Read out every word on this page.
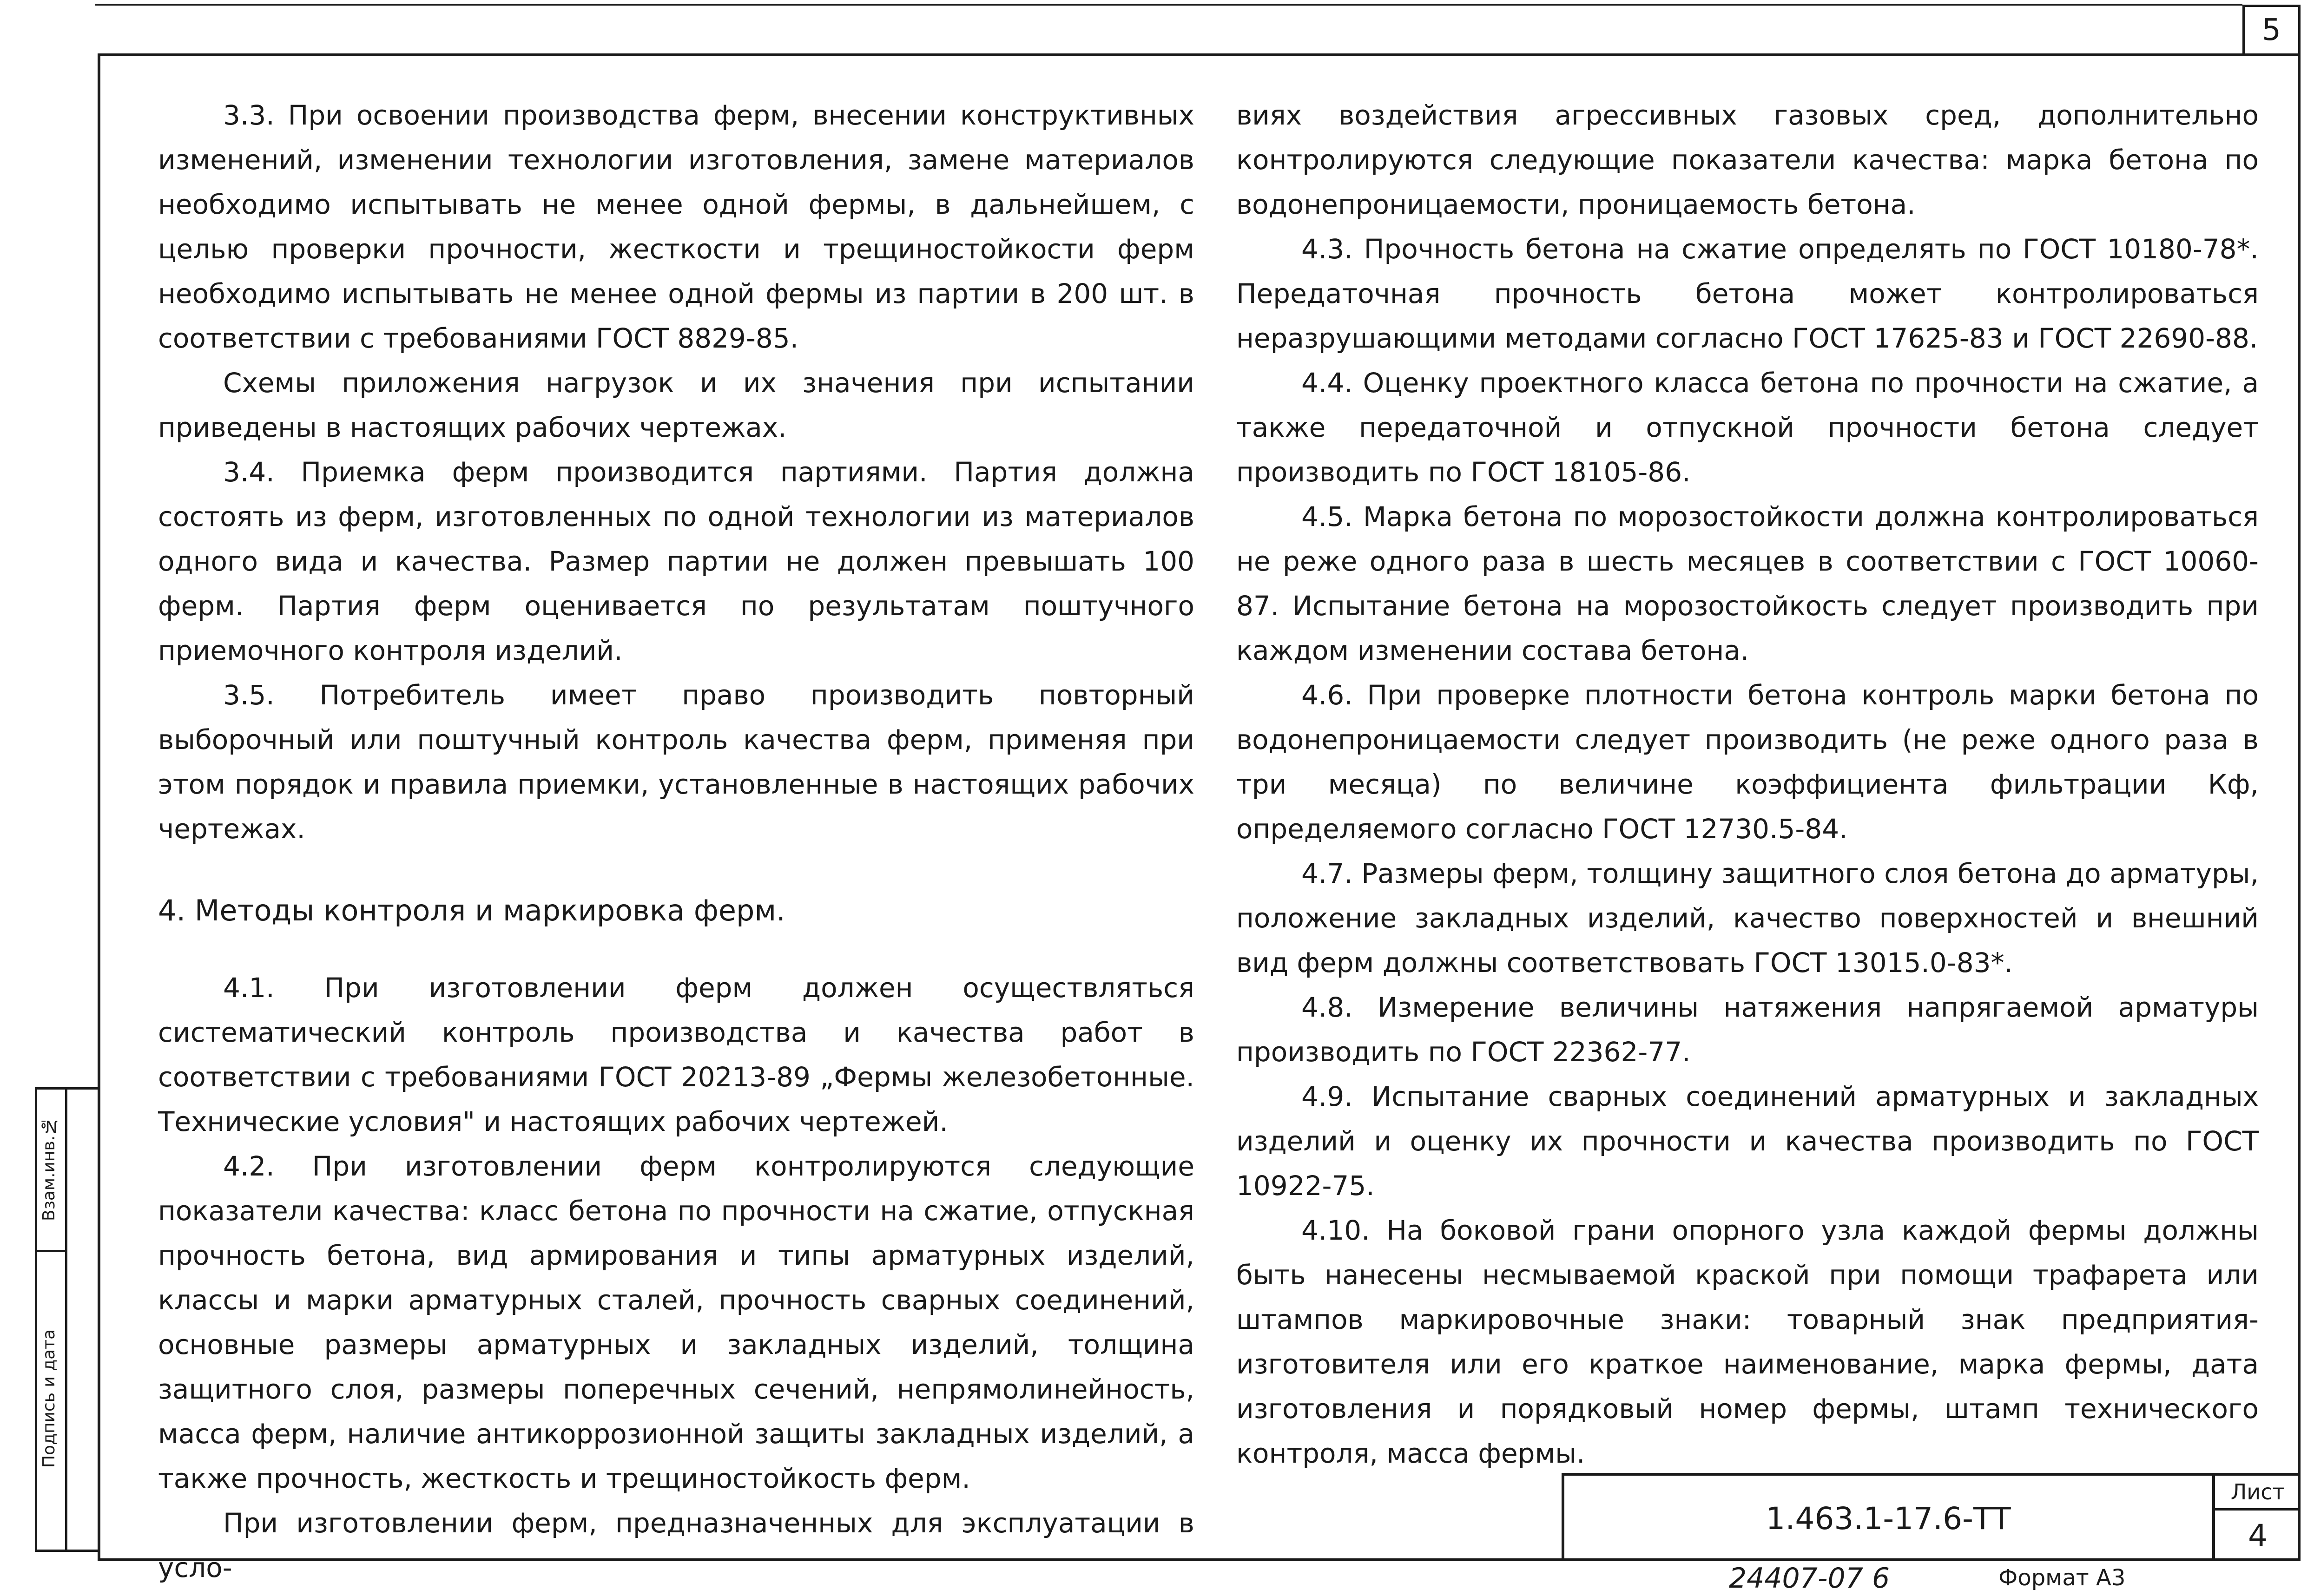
5

3.3. При освоении производства ферм, внесении конструктивных изменений, изменении технологии изготовления, замене материалов необходимо испытывать не менее одной фермы, в дальнейшем, с целью проверки прочности, жесткости и трещиностойкости ферм необходимо испытывать не менее одной фермы из партии в 200 шт. в соответствии с требованиями ГОСТ 8829-85.

Схемы приложения нагрузок и их значения при испытании приведены в настоящих рабочих чертежах.

3.4. Приемка ферм производится партиями. Партия должна состоять из ферм, изготовленных по одной технологии из материалов одного вида и качества. Размер партии не должен превышать 100 ферм. Партия ферм оценивается по результатам поштучного приемочного контроля изделий.

3.5. Потребитель имеет право производить повторный выборочный или поштучный контроль качества ферм, применяя при этом порядок и правила приемки, установленные в настоящих рабочих чертежах.

4. Методы контроля и маркировка ферм.

4.1. При изготовлении ферм должен осуществляться систематический контроль производства и качества работ в соответствии с требованиями ГОСТ 20213-89 „Фермы железобетонные. Технические условия" и настоящих рабочих чертежей.

4.2. При изготовлении ферм контролируются следующие показатели качества: класс бетона по прочности на сжатие, отпускная прочность бетона, вид армирования и типы арматурных изделий, классы и марки арматурных сталей, прочность сварных соединений, основные размеры арматурных и закладных изделий, толщина защитного слоя, размеры поперечных сечений, непрямолинейность, масса ферм, наличие антикоррозионной защиты закладных изделий, а также прочность, жесткость и трещиностойкость ферм.

При изготовлении ферм, предназначенных для эксплуатации в усло-

виях воздействия агрессивных газовых сред, дополнительно контролируются следующие показатели качества: марка бетона по водонепроницаемости, проницаемость бетона.

4.3. Прочность бетона на сжатие определять по ГОСТ 10180-78*. Передаточная прочность бетона может контролироваться неразрушающими методами согласно ГОСТ 17625-83 и ГОСТ 22690-88.

4.4. Оценку проектного класса бетона по прочности на сжатие, а также передаточной и отпускной прочности бетона следует производить по ГОСТ 18105-86.

4.5. Марка бетона по морозостойкости должна контролироваться не реже одного раза в шесть месяцев в соответствии с ГОСТ 10060-87. Испытание бетона на морозостойкость следует производить при каждом изменении состава бетона.

4.6. При проверке плотности бетона контроль марки бетона по водонепроницаемости следует производить (не реже одного раза в три месяца) по величине коэффициента фильтрации Кф, определяемого согласно ГОСТ 12730.5-84.

4.7. Размеры ферм, толщину защитного слоя бетона до арматуры, положение закладных изделий, качество поверхностей и внешний вид ферм должны соответствовать ГОСТ 13015.0-83*.

4.8. Измерение величины натяжения напрягаемой арматуры производить по ГОСТ 22362-77.

4.9. Испытание сварных соединений арматурных и закладных изделий и оценку их прочности и качества производить по ГОСТ 10922-75.

4.10. На боковой грани опорного узла каждой фермы должны быть нанесены несмываемой краской при помощи трафарета или штампов маркировочные знаки: товарный знак предприятия-изготовителя или его краткое наименование, марка фермы, дата изготовления и порядковый номер фермы, штамп технического контроля, масса фермы.

Взам.инв.№
Подпись и дата
1.463.1-17.6-ТТ
Лист
4
24407-07 6	Формат А3
